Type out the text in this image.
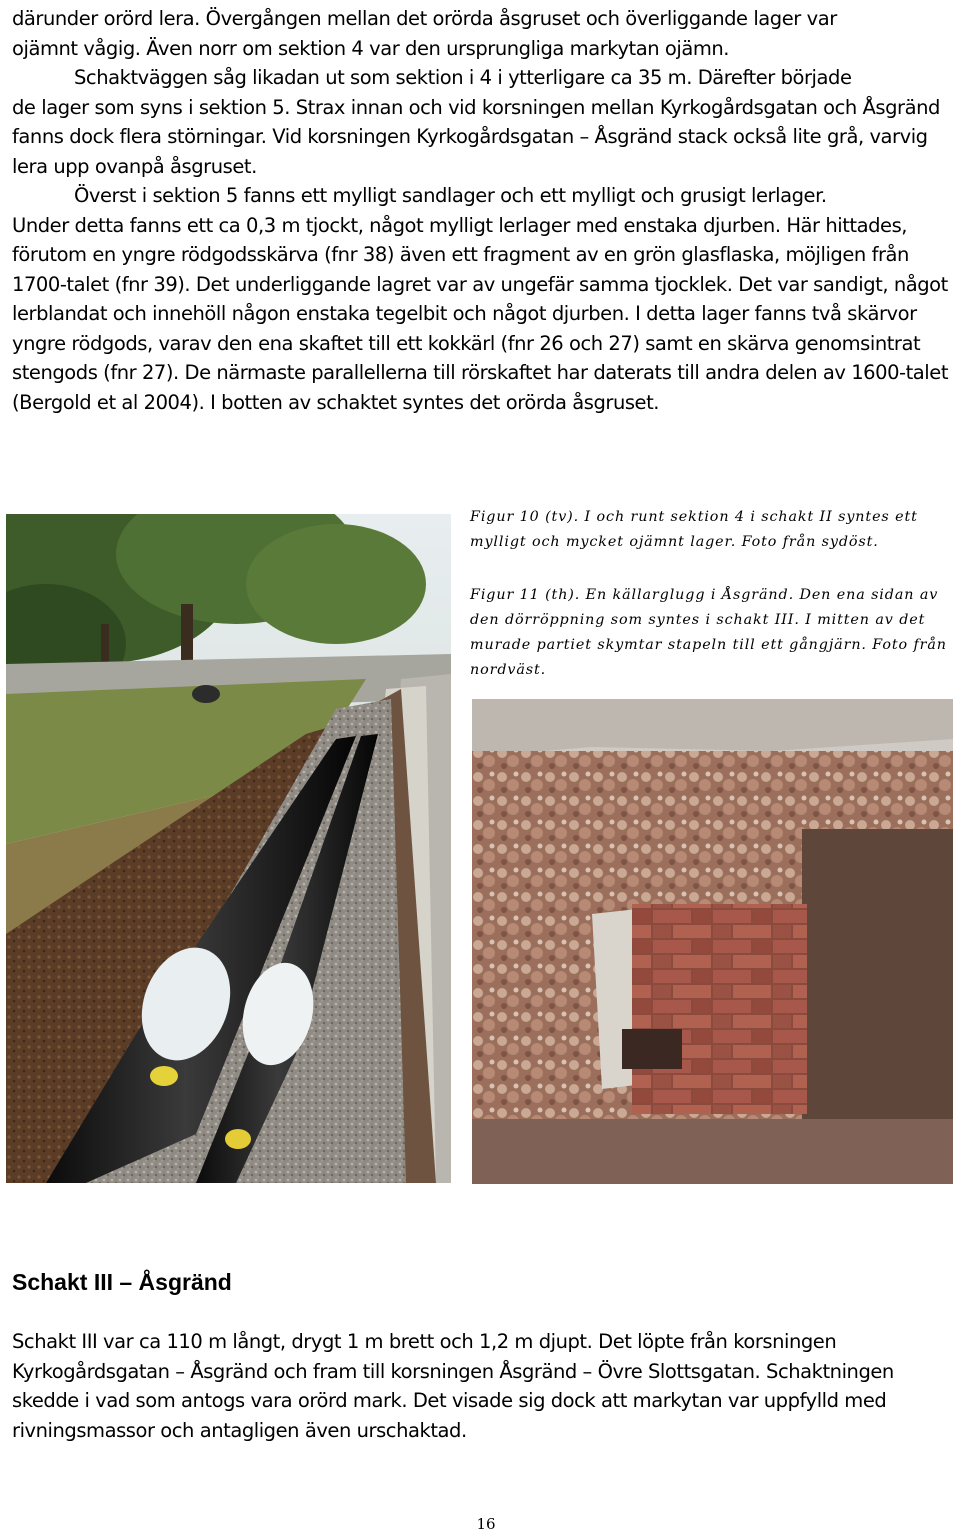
därunder orörd lera. Övergången mellan det orörda åsgruset och överliggande lager var
ojämnt vågig. Även norr om sektion 4 var den ursprungliga markytan ojämn.

Schaktväggen såg likadan ut som sektion i 4 i ytterligare ca 35 m. Därefter började
de lager som syns i sektion 5. Strax innan och vid korsningen mellan Kyrkogårdsgatan och Åsgränd fanns dock flera störningar. Vid korsningen Kyrkogårdsgatan – Åsgränd stack också lite grå, varvig lera upp ovanpå åsgruset.

Överst i sektion 5 fanns ett mylligt sandlager och ett mylligt och grusigt lerlager.
Under detta fanns ett ca 0,3 m tjockt, något mylligt lerlager med enstaka djurben. Här hittades, förutom en yngre rödgodsskärva (fnr 38) även ett fragment av en grön glasflaska, möjligen från 1700-talet (fnr 39). Det underliggande lagret var av ungefär samma tjocklek. Det var sandigt, något lerblandat och innehöll någon enstaka tegelbit och något djurben. I detta lager fanns två skärvor yngre rödgods, varav den ena skaftet till ett kokkärl (fnr 26 och 27) samt en skärva genomsintrat stengods (fnr 27). De närmaste parallellerna till rörskaftet har daterats till andra delen av 1600-talet (Bergold et al 2004). I botten av schaktet syntes det orörda åsgruset.

Figur 10 (tv). I och runt sektion 4 i schakt II syntes ett mylligt och mycket ojämnt lager. Foto från sydöst.

Figur 11 (th). En källarglugg i Åsgränd. Den ena sidan av den dörröppning som syntes i schakt III. I mitten av det murade partiet skymtar stapeln till ett gångjärn. Foto från nordväst.

Schakt III – Åsgränd

Schakt III var ca 110 m långt, drygt 1 m brett och 1,2 m djupt. Det löpte från korsningen Kyrkogårdsgatan – Åsgränd och fram till korsningen Åsgränd – Övre Slottsgatan. Schaktningen skedde i vad som antogs vara orörd mark. Det visade sig dock att markytan var uppfylld med rivningsmassor och antagligen även urschaktad.

16
